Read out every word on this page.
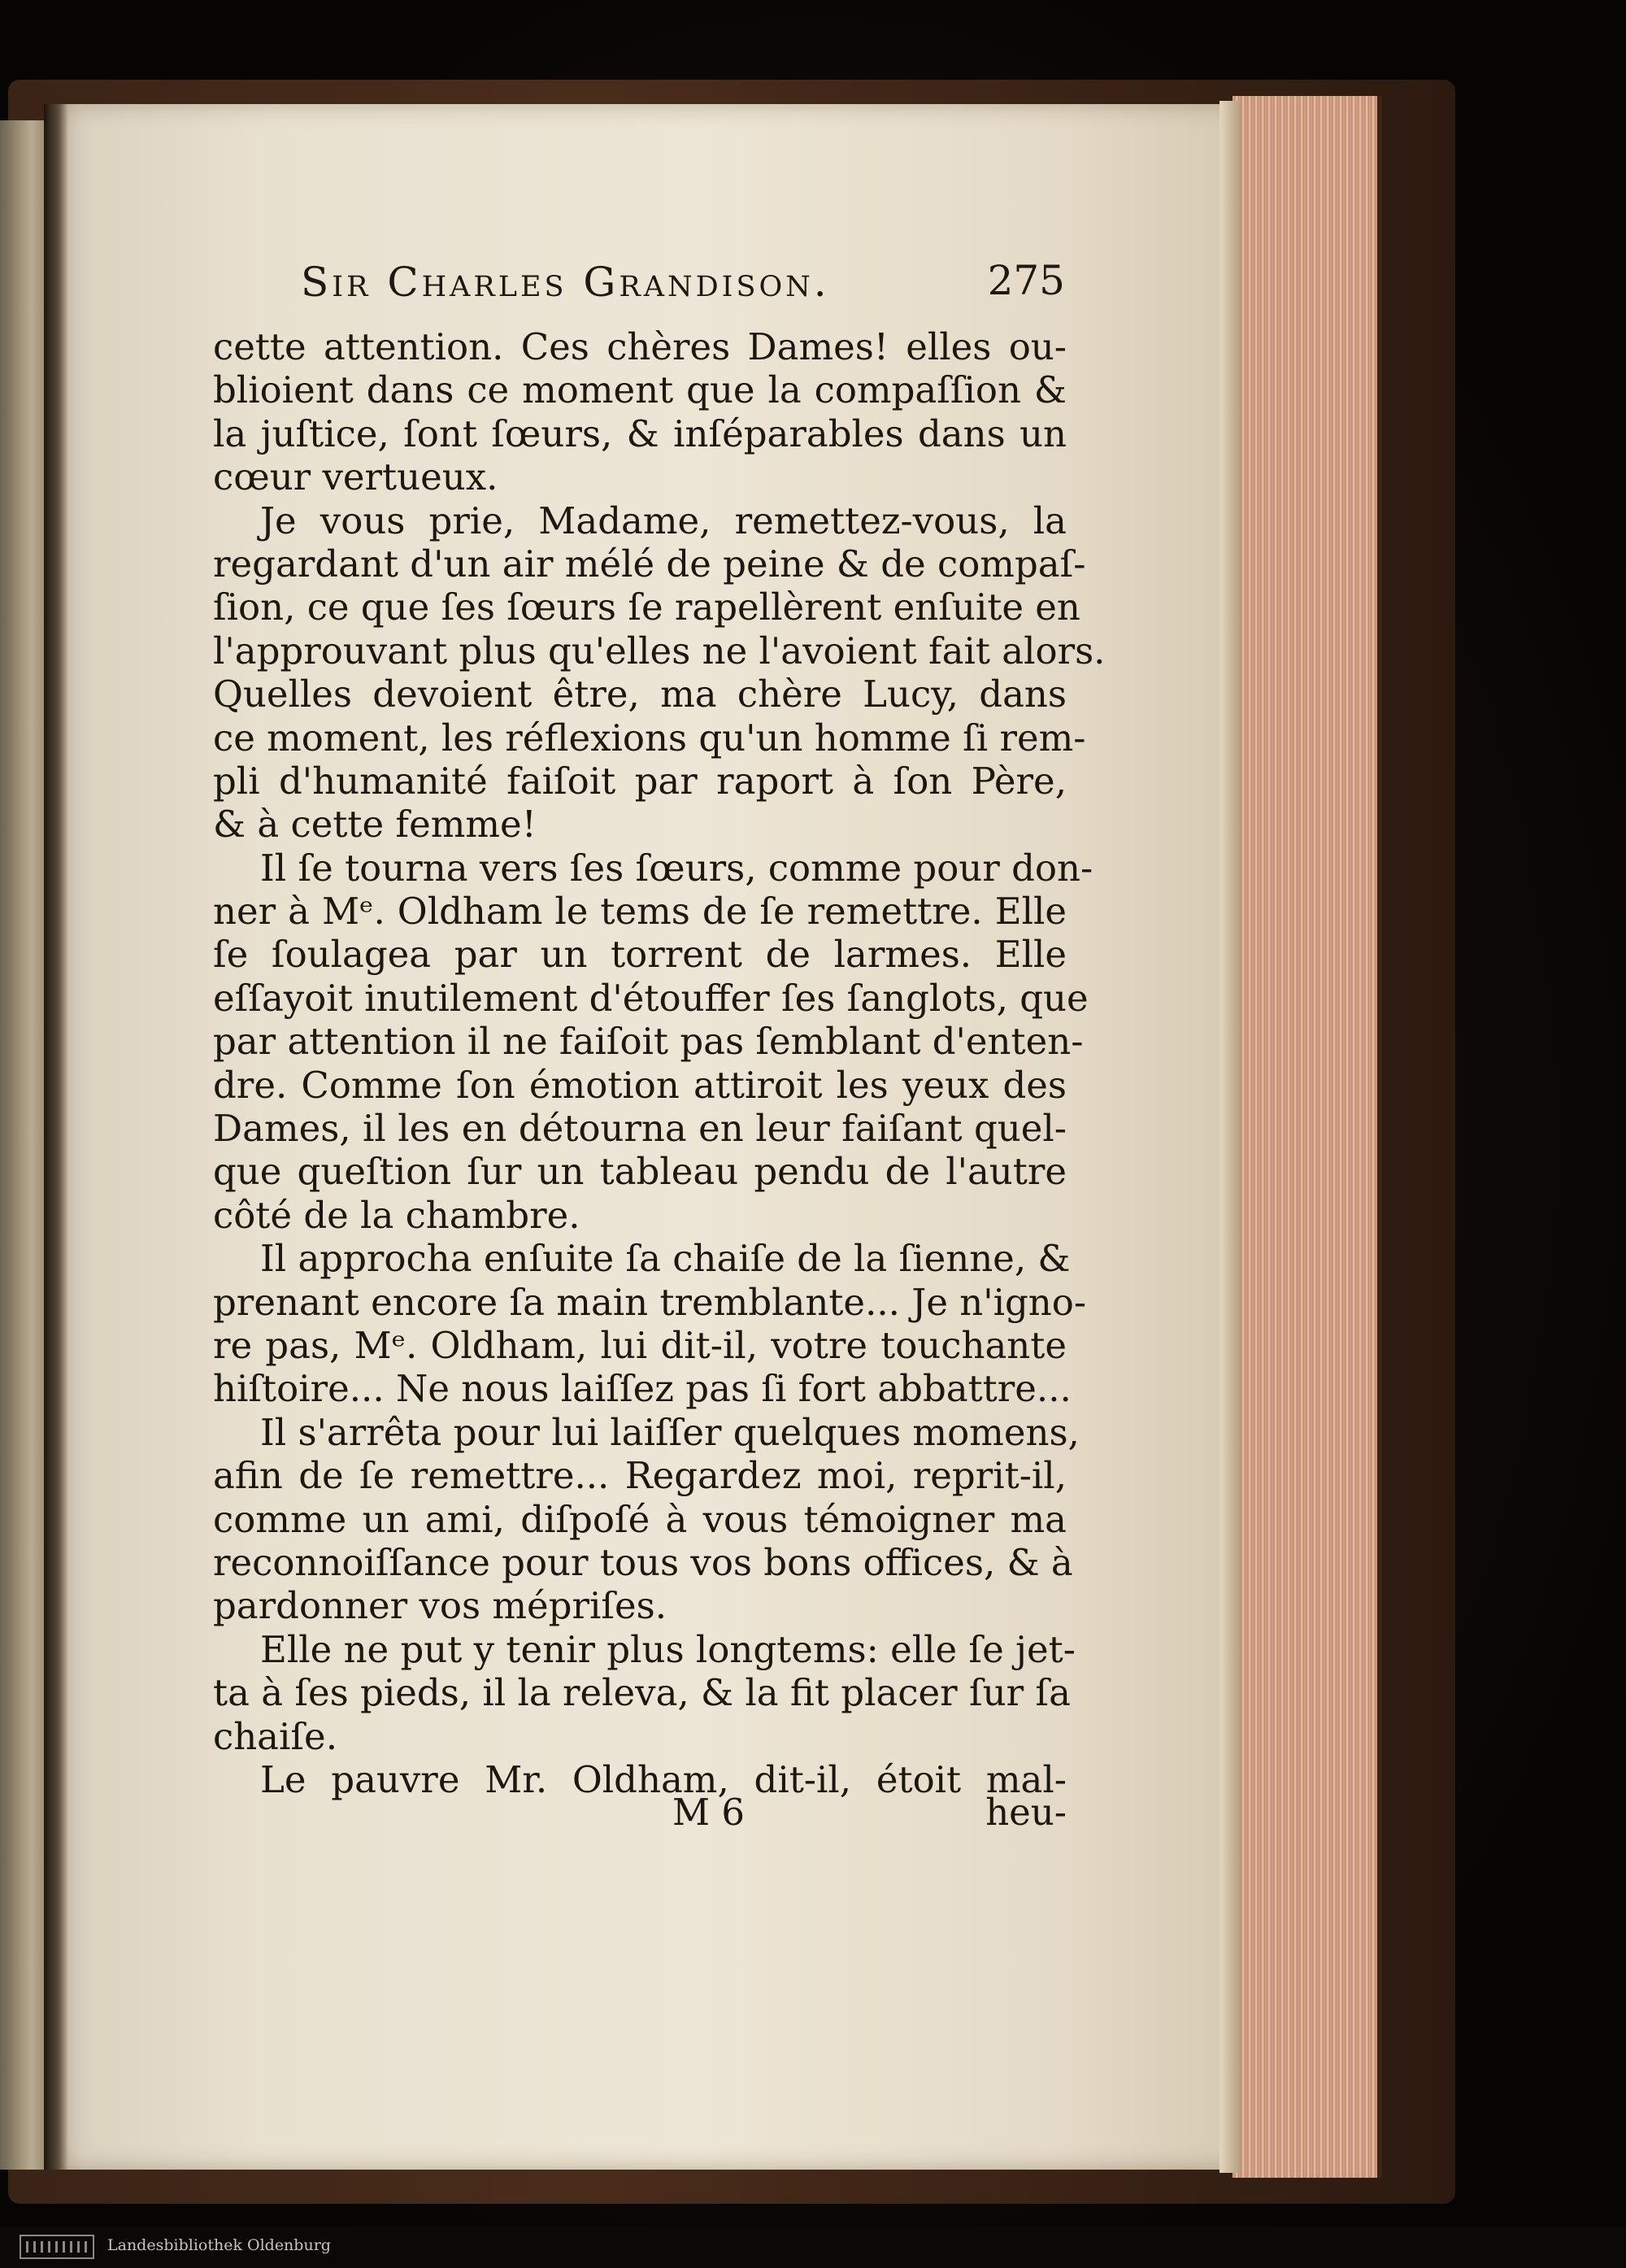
Sir Charles Grandison.	275
cette attention. Ces chères Dames! elles ou-
blioient dans ce moment que la compaſſion &
la juſtice, ſont ſœurs, & inſéparables dans un
cœur vertueux.
Je vous prie, Madame, remettez-vous, la
regardant d'un air mélé de peine & de compaſ-
ſion, ce que ſes ſœurs ſe rapellèrent enſuite en
l'approuvant plus qu'elles ne l'avoient fait alors.
Quelles devoient être, ma chère Lucy, dans
ce moment, les réflexions qu'un homme ſi rem-
pli d'humanité faiſoit par raport à ſon Père,
& à cette femme!
Il ſe tourna vers ſes ſœurs, comme pour don-
ner à Mᵉ. Oldham le tems de ſe remettre. Elle
ſe ſoulagea par un torrent de larmes. Elle
eſſayoit inutilement d'étouffer ſes ſanglots, que
par attention il ne faiſoit pas ſemblant d'enten-
dre. Comme ſon émotion attiroit les yeux des
Dames, il les en détourna en leur faiſant quel-
que queſtion ſur un tableau pendu de l'autre
côté de la chambre.
Il approcha enſuite ſa chaiſe de la ſienne, &
prenant encore ſa main tremblante... Je n'igno-
re pas, Mᵉ. Oldham, lui dit-il, votre touchante
hiſtoire... Ne nous laiſſez pas ſi fort abbattre...
Il s'arrêta pour lui laiſſer quelques momens,
afin de ſe remettre... Regardez moi, reprit-il,
comme un ami, diſpoſé à vous témoigner ma
reconnoiſſance pour tous vos bons offices, & à
pardonner vos mépriſes.
Elle ne put y tenir plus longtems: elle ſe jet-
ta à ſes pieds, il la releva, & la fit placer ſur ſa
chaiſe.
Le pauvre Mr. Oldham, dit-il, étoit mal-
M 6	heu-
Landesbibliothek Oldenburg
